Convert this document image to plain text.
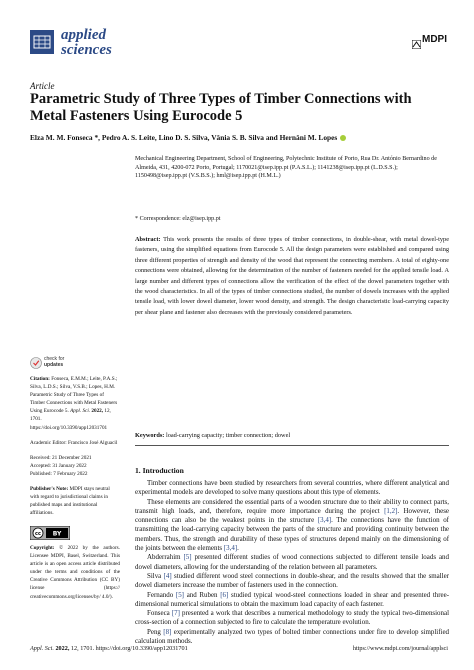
applied
sciences
MDPI
Article
Parametric Study of Three Types of Timber Connections with Metal Fasteners Using Eurocode 5
Elza M. M. Fonseca *, Pedro A. S. Leite, Lino D. S. Silva, Vânia S. B. Silva and Hernâni M. Lopes
Mechanical Engineering Department, School of Engineering, Polytechnic Institute of Porto, Rua Dr. António Bernardino de Almeida, 431, 4200-072 Porto, Portugal; 1170021@isep.ipp.pt (P.A.S.L.); 1141238@isep.ipp.pt (L.D.S.S.); 1150498@isep.ipp.pt (V.S.B.S.); hml@isep.ipp.pt (H.M.L.)
* Correspondence: elz@isep.ipp.pt
Abstract: This work presents the results of three types of timber connections, in double-shear, with metal dowel-type fasteners, using the simplified equations from Eurocode 5. All the design parameters were established and compared using three different properties of strength and density of the wood that represent the connecting members. A total of eighty-one connections were obtained, allowing for the determination of the number of fasteners needed for the applied tensile load. A large number and different types of connections allow the verification of the effect of the dowel parameters together with the wood characteristics. In all of the types of timber connections studied, the number of dowels increases with the applied tensile load, with lower dowel diameter, lower wood density, and strength. The design characteristic load-carrying capacity per shear plane and fastener also decreases with the previously considered parameters.
Keywords: load-carrying capacity; timber connection; dowel
check for
updates

Citation: Fonseca, E.M.M.; Leite, P.A.S.; Silva, L.D.S.; Silva, V.S.B.; Lopes, H.M. Parametric Study of Three Types of Timber Connections with Metal Fasteners Using Eurocode 5. Appl. Sci. 2022, 12, 1701. https://doi.org/10.3390/app12031701

Academic Editor: Francisco José Alguacil

Received: 21 December 2021
Accepted: 31 January 2022
Published: 7 February 2022

Publisher's Note: MDPI stays neutral with regard to jurisdictional claims in published maps and institutional affiliations.

cc BY
Copyright: © 2022 by the authors. Licensee MDPI, Basel, Switzerland. This article is an open access article distributed under the terms and conditions of the Creative Commons Attribution (CC BY) license (https:// creativecommons.org/licenses/by/ 4.0/).
1. Introduction

Timber connections have been studied by researchers from several countries, where different analytical and experimental models are developed to solve many questions about this type of elements.

These elements are considered the essential parts of a wooden structure due to their ability to connect parts, transmit high loads, and, therefore, require more importance during the project [1,2]. However, these connections can also be the weakest points in the structure [3,4]. The connections have the function of transmitting the load-carrying capacity between the parts of the structure and providing continuity between the members. Thus, the strength and durability of these types of structures depend mainly on the dimensioning of the joints between the elements [3,4].

Abderrahim [5] presented different studies of wood connections subjected to different tensile loads and dowel diameters, allowing for the understanding of the relation between all parameters.

Silva [4] studied different wood steel connections in double-shear, and the results showed that the smaller dowel diameters increase the number of fasteners used in the connection.

Fernando [5] and Ruben [6] studied typical wood-steel connections loaded in shear and presented three-dimensional numerical simulations to obtain the maximum load capacity of each fastener.

Fonseca [7] presented a work that describes a numerical methodology to study the typical two-dimensional cross-section of a connection subjected to fire to calculate the temperature evolution.

Peng [8] experimentally analyzed two types of bolted timber connections under fire to develop simplified calculation methods.

Appl. Sci. 2022, 12, 1701. https://doi.org/10.3390/app12031701	https://www.mdpi.com/journal/applsci
